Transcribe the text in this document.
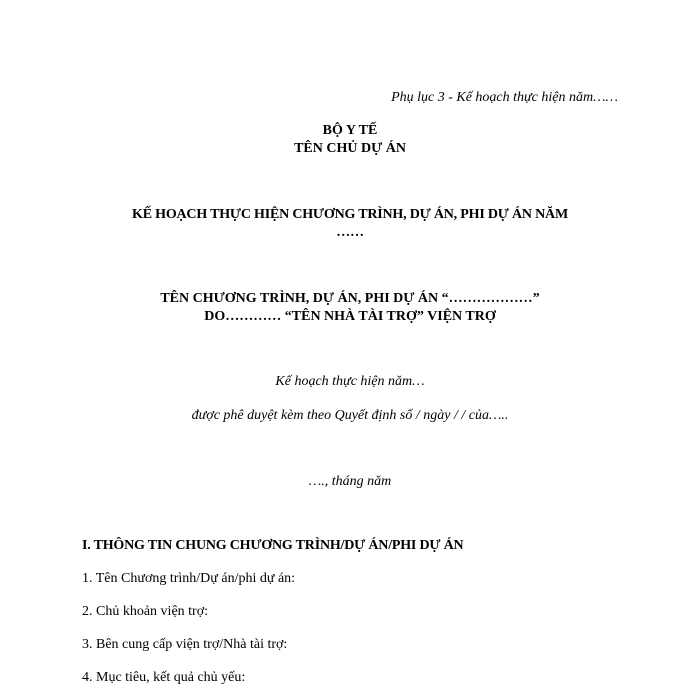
Phụ lục 3 - Kế hoạch thực hiện năm……
BỘ Y TẾ
TÊN CHỦ DỰ ÁN
KẾ HOẠCH THỰC HIỆN CHƯƠNG TRÌNH, DỰ ÁN, PHI DỰ ÁN NĂM
……
TÊN CHƯƠNG TRÌNH, DỰ ÁN, PHI DỰ ÁN “………………”
DO………… “TÊN NHÀ TÀI TRỢ” VIỆN TRỢ
Kế hoạch thực hiện năm…
được phê duyệt kèm theo Quyết định số / ngày / / của…..
…., tháng năm
I. THÔNG TIN CHUNG CHƯƠNG TRÌNH/DỰ ÁN/PHI DỰ ÁN
1. Tên Chương trình/Dự án/phi dự án:
2. Chủ khoản viện trợ:
3. Bên cung cấp viện trợ/Nhà tài trợ:
4. Mục tiêu, kết quả chủ yếu:
